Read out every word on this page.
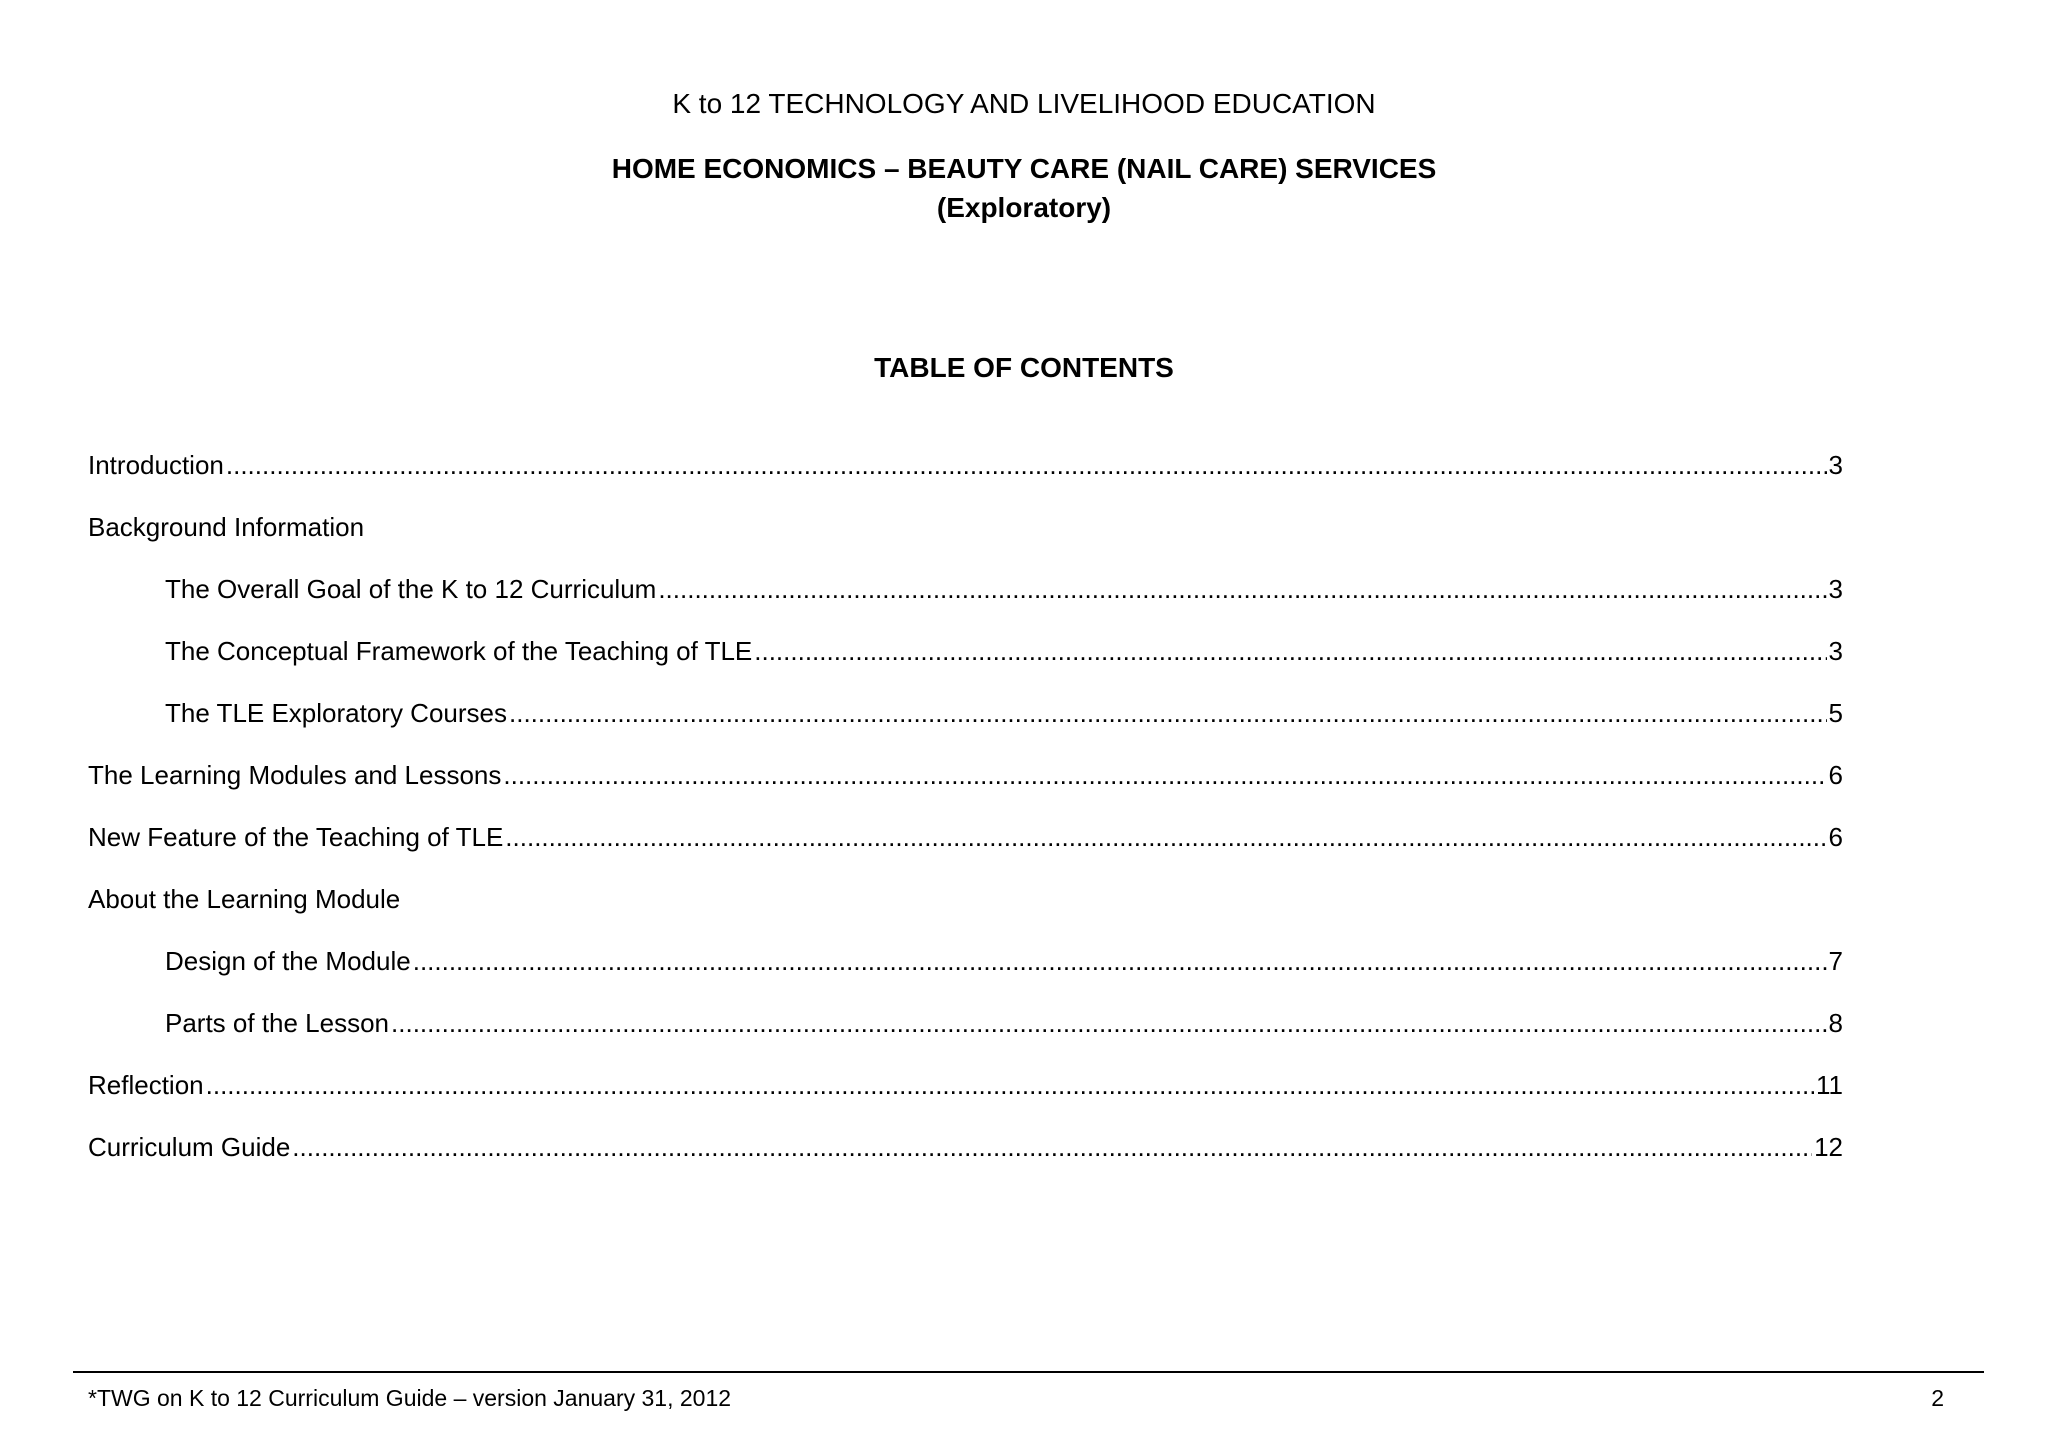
K to 12 TECHNOLOGY AND LIVELIHOOD EDUCATION
HOME ECONOMICS – BEAUTY CARE (NAIL CARE) SERVICES
(Exploratory)
TABLE OF CONTENTS
Introduction .....	3
Background Information
The Overall Goal of the K to 12 Curriculum .....	3
The Conceptual Framework of the Teaching of TLE .....	3
The TLE Exploratory Courses .....	5
The Learning Modules and Lessons .....	6
New Feature of the Teaching of TLE .....	6
About the Learning Module
Design of the Module .....	7
Parts of the Lesson .....	8
Reflection .....	11
Curriculum Guide .....	12
*TWG on K to 12 Curriculum Guide – version January 31, 2012	2
